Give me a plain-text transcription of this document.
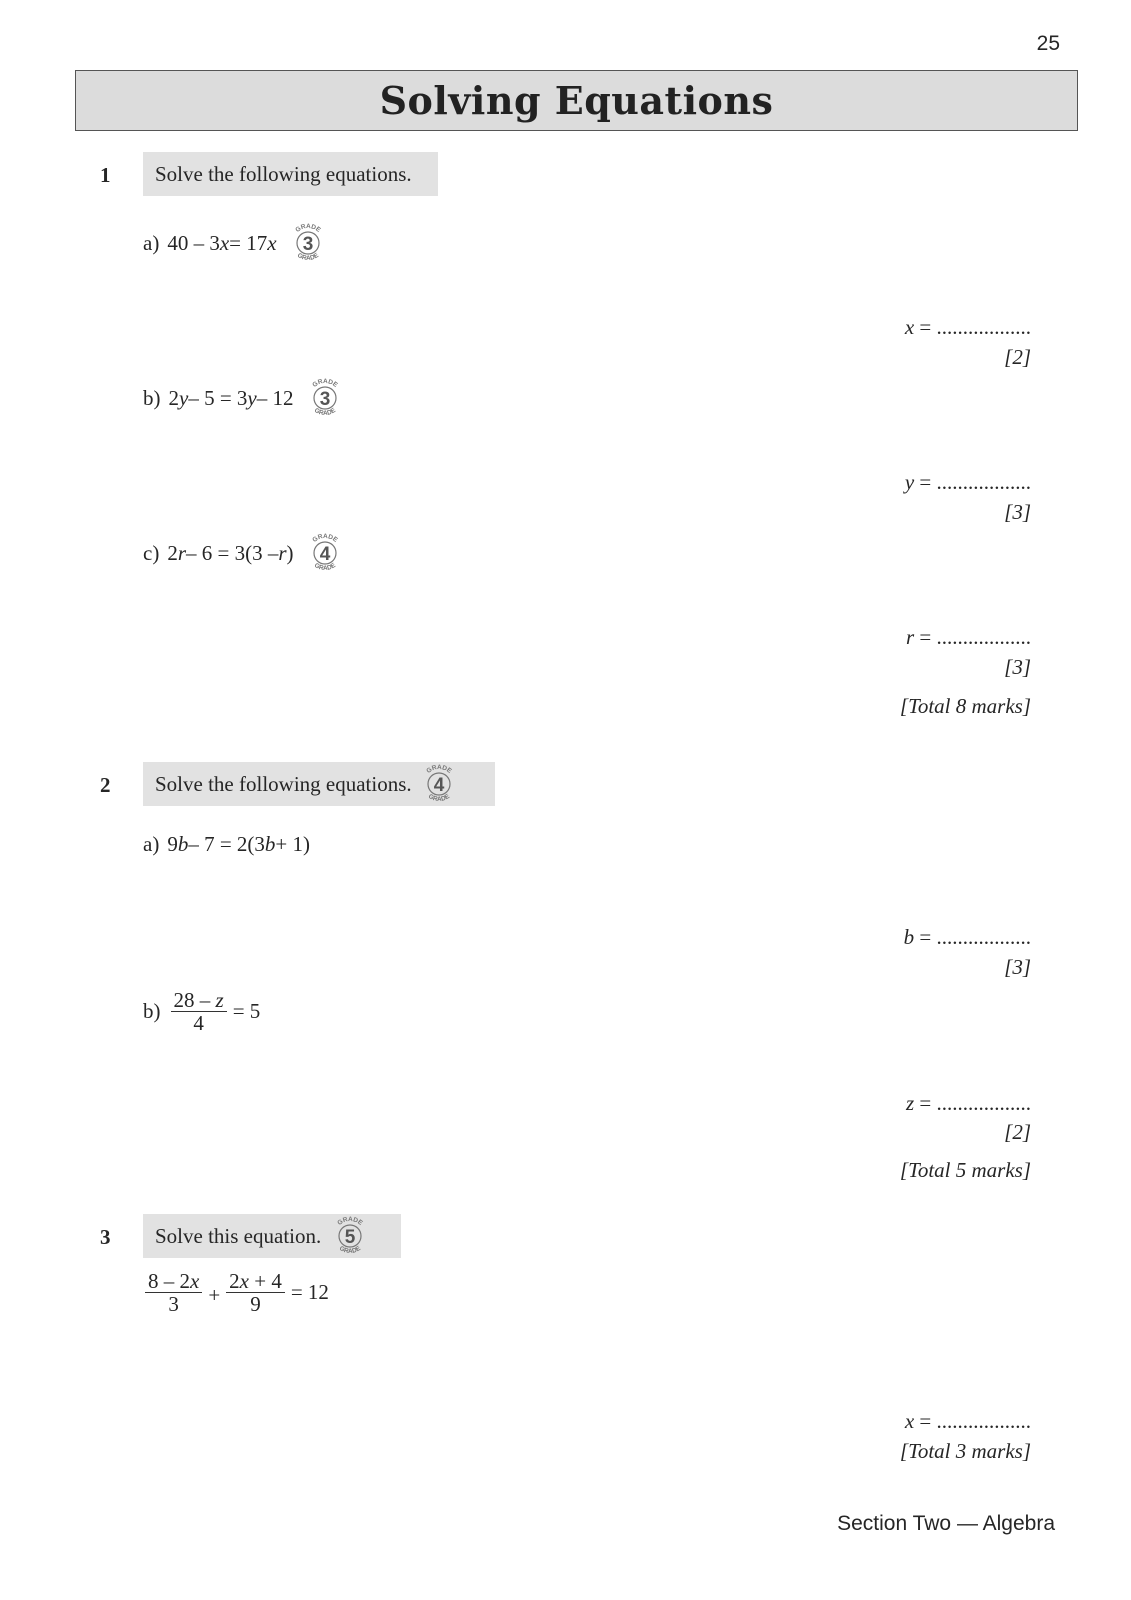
25
Solving Equations
1 Solve the following equations.
a) 40 – 3 x = 17 x
GRADE
GRADE
3
x = ..................
[2]
b) 2 y – 5 = 3 y – 12
GRADE
GRADE
3
y = ..................
[3]
c) 2 r – 6 = 3(3 – r )
GRADE
GRADE
4
r = ..................
[3]
[Total 8 marks]
2 Solve the following equations.
GRADE
GRADE
4
a) 9 b – 7 = 2(3 b + 1)
b = ..................
[3]
$b) \frac{28 - z}{4} = 5$
z = ..................
[2]
[Total 5 marks]
3 Solve this equation.
GRADE
GRADE
5
$\frac{8 - 2x}{3} + \frac{2x + 4}{9} = 12$
x = ..................
[Total 3 marks]
Section Two — Algebra
